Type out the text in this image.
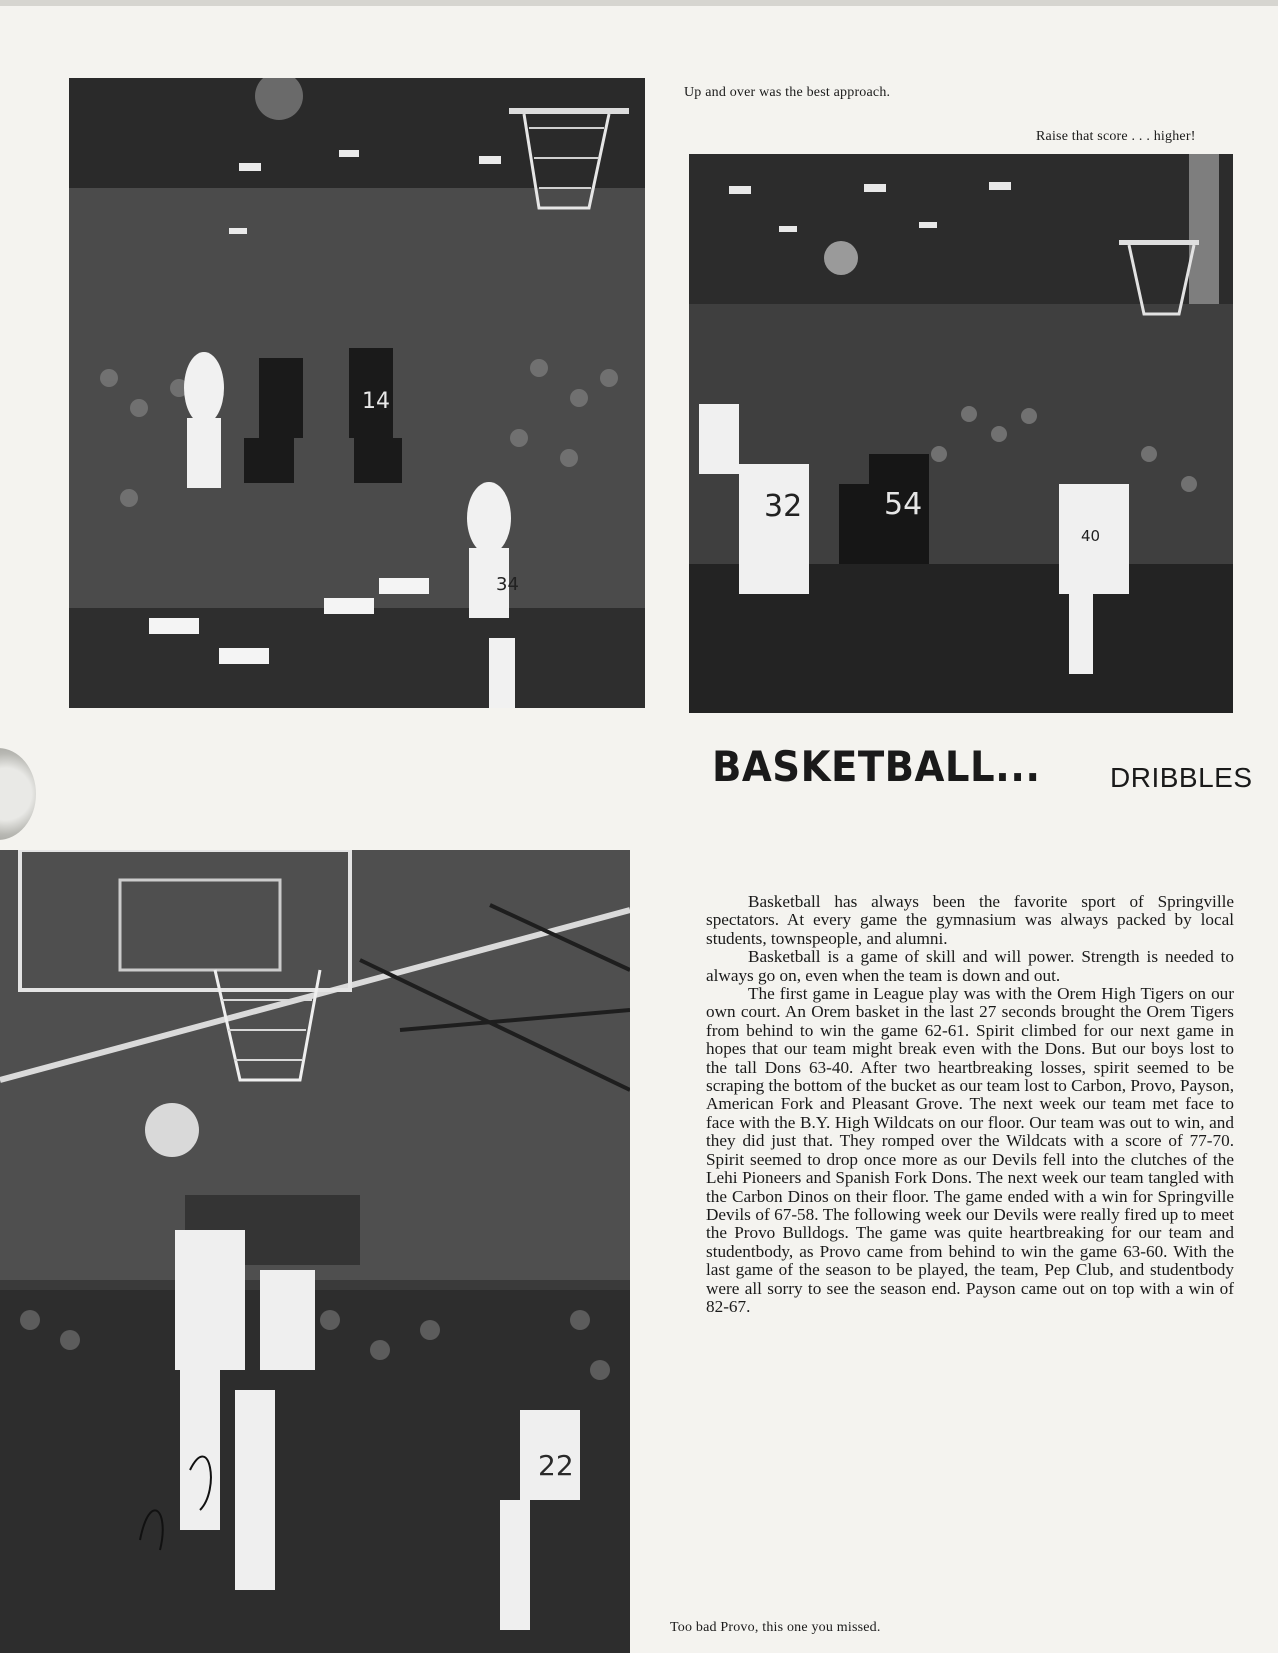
14
34
Up and over was the best approach.
Raise that score . . . higher!
32	54
40
BASKETBALL... DRIBBLES
22

Basketball has always been the favorite sport of Springville spectators. At every game the gymnasium was always packed by local students, townspeople, and alumni.

Basketball is a game of skill and will power. Strength is needed to always go on, even when the team is down and out.

The first game in League play was with the Orem High Tigers on our own court. An Orem basket in the last 27 seconds brought the Orem Tigers from behind to win the game 62-61. Spirit climbed for our next game in hopes that our team might break even with the Dons. But our boys lost to the tall Dons 63-40. After two heartbreaking losses, spirit seemed to be scraping the bottom of the bucket as our team lost to Carbon, Provo, Payson, American Fork and Pleasant Grove. The next week our team met face to face with the B.Y. High Wildcats on our floor. Our team was out to win, and they did just that. They romped over the Wildcats with a score of 77-70. Spirit seemed to drop once more as our Devils fell into the clutches of the Lehi Pioneers and Spanish Fork Dons. The next week our team tangled with the Carbon Dinos on their floor. The game ended with a win for Springville Devils of 67-58. The following week our Devils were really fired up to meet the Provo Bulldogs. The game was quite heartbreaking for our team and studentbody, as Provo came from behind to win the game 63-60. With the last game of the season to be played, the team, Pep Club, and studentbody were all sorry to see the season end. Payson came out on top with a win of 82-67.

Too bad Provo, this one you missed.
